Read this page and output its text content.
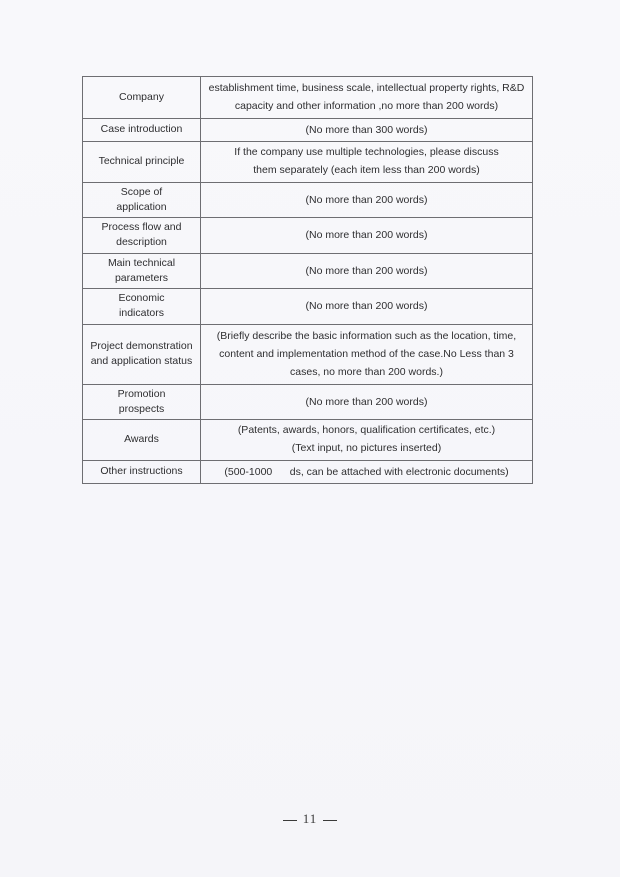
Company	establishment time, business scale, intellectual property rights, R&D capacity and other information ,no more than 200 words)
Case introduction	(No more than 300 words)
Technical principle	If the company use multiple technologies, please discuss them separately (each item less than 200 words)
Scope of application	(No more than 200 words)
Process flow and description	(No more than 200 words)
Main technical parameters	(No more than 200 words)
Economic indicators	(No more than 200 words)
Project demonstration and application status	(Briefly describe the basic information such as the location, time, content and implementation method of the case.No Less than 3 cases, no more than 200 words.)
Promotion prospects	(No more than 200 words)
Awards	(Patents, awards, honors, qualification certificates, etc.)
(Text input, no pictures inserted)

Other instructions	(500-1000      ds, can be attached with electronic documents)
11
